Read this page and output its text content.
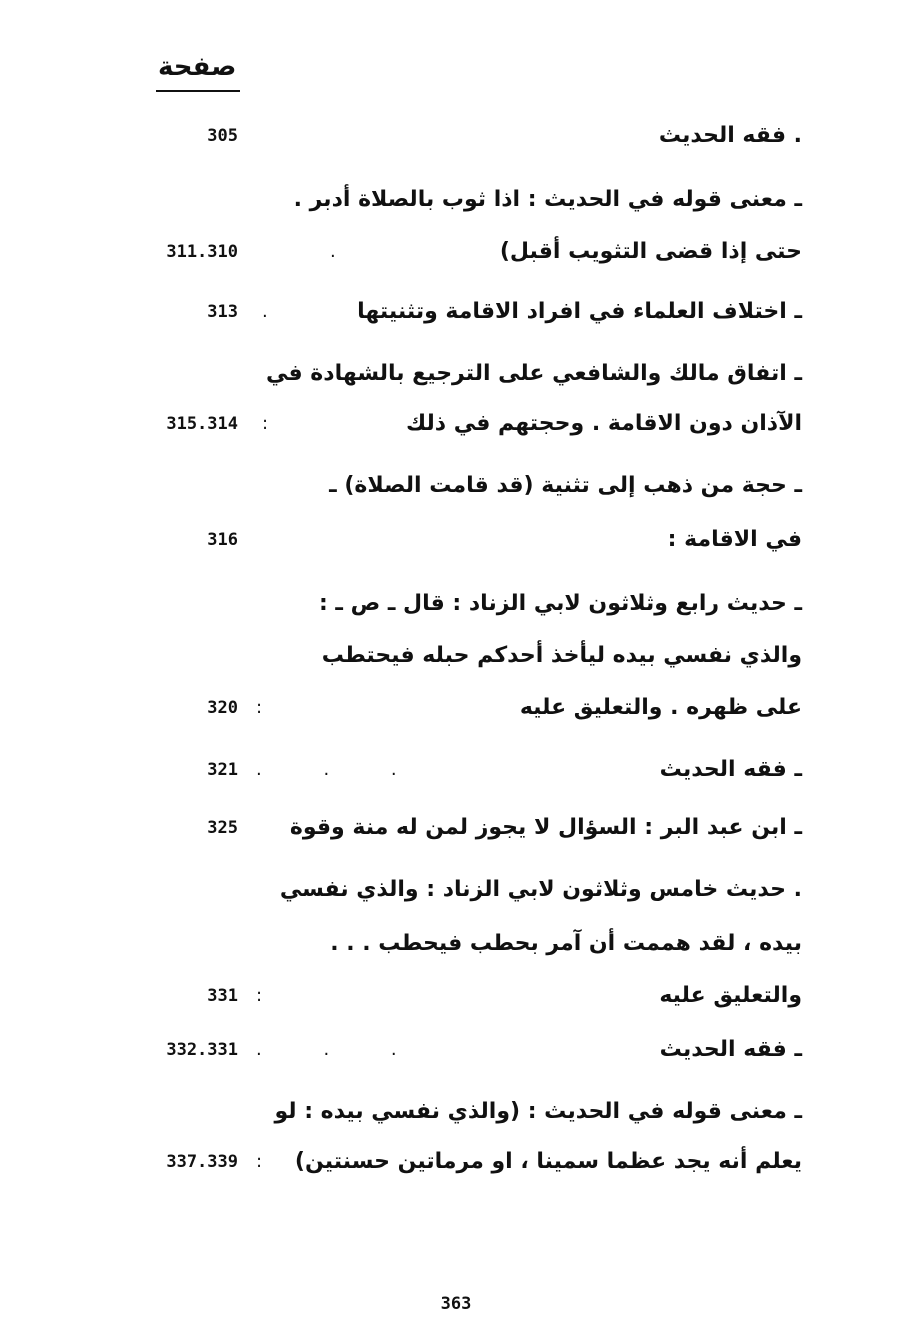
صفحة
. فقه الحديث
305
ـ معنى قوله في الحديث : اذا ثوب بالصلاة أدبر .
حتى إذا قضى التثويب أقبل)
.
311.310
ـ اختلاف العلماء في افراد الاقامة وتثنيتها
.
313
ـ اتفاق مالك والشافعي على الترجيع بالشهادة في
الآذان دون الاقامة . وحجتهم في ذلك
:
315.314
ـ حجة من ذهب إلى تثنية (قد قامت الصلاة) ـ
في الاقامة :
316
ـ حديث رابع وثلاثون لابي الزناد : قال ـ ص ـ :
والذي نفسي بيده ليأخذ أحدكم حبله فيحتطب
على ظهره . والتعليق عليه
:
320
ـ فقه الحديث
. . .
321
ـ ابن عبد البر : السؤال لا يجوز لمن له منة وقوة
325
. حديث خامس وثلاثون لابي الزناد : والذي نفسي
بيده ، لقد هممت أن آمر بحطب فيحطب . . .
والتعليق عليه
:
331
ـ فقه الحديث
. . .
332.331
ـ معنى قوله في الحديث : (والذي نفسي بيده : لو
يعلم أنه يجد عظما سمينا ، او مرماتين حسنتين)
:
337.339
363
